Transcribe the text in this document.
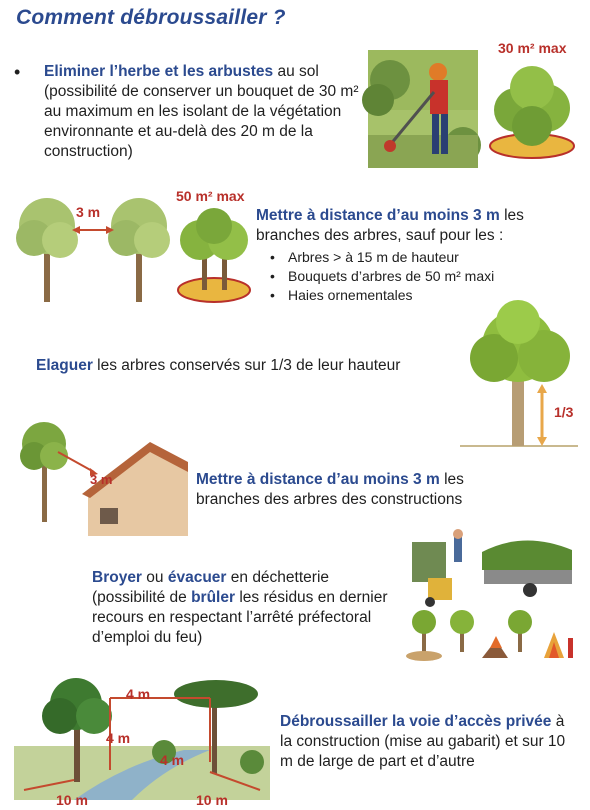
Comment débroussailler ?
• Eliminer l’herbe et les arbustes au sol (possibilité de conserver un bouquet de 30 m² au maximum en les isolant de la végétation environnante et au-delà des 20 m de la construction)
30 m² max
3 m
50 m² max
Mettre à distance d’au moins 3 m les branches des arbres, sauf pour les :
• Arbres > à 15 m de hauteur
• Bouquets d’arbres de 50 m² maxi
• Haies ornementales
Elaguer les arbres conservés sur 1/3 de leur hauteur
1/3
3 m	Mettre à distance d’au moins 3 m les branches des arbres des constructions
Broyer ou évacuer en déchetterie (possibilité de brûler les résidus en dernier recours en respectant l’arrêté préfectoral d’emploi du feu)
4 m
4 m
4 m
10 m	10 m
Débroussailler la voie d’accès privée à la construction (mise au gabarit) et sur 10 m de large de part et d’autre
